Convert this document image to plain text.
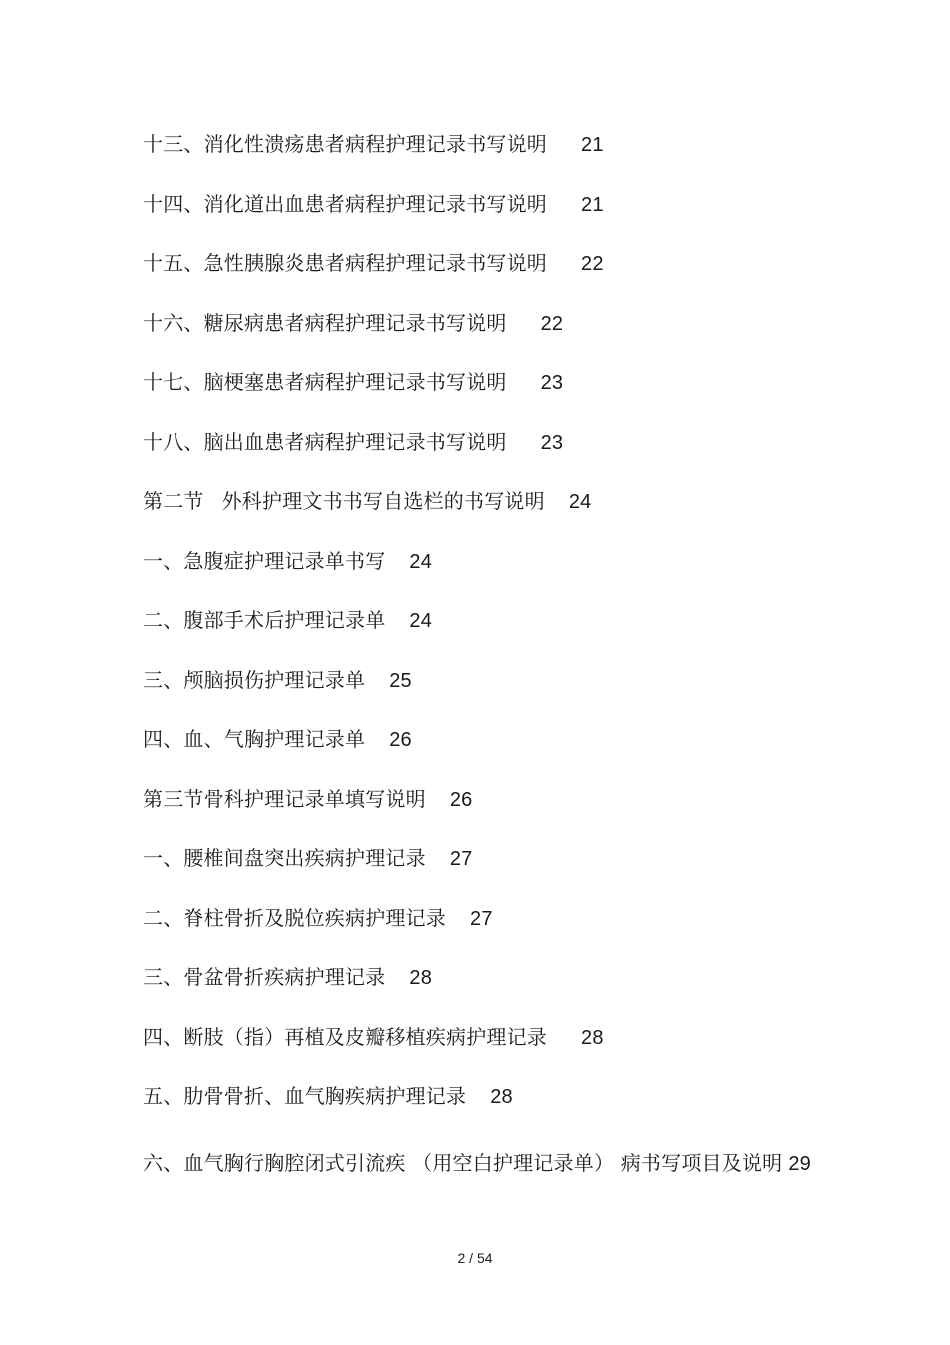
十三、消化性溃疡患者病程护理记录书写说明 21
十四、消化道出血患者病程护理记录书写说明 21
十五、急性胰腺炎患者病程护理记录书写说明 22
十六、糖尿病患者病程护理记录书写说明 22
十七、脑梗塞患者病程护理记录书写说明 23
十八、脑出血患者病程护理记录书写说明 23
第二节 外科护理文书书写自选栏的书写说明 24
一、急腹症护理记录单书写 24
二、腹部手术后护理记录单 24
三、颅脑损伤护理记录单 25
四、血、气胸护理记录单 26
第三节骨科护理记录单填写说明 26
一、腰椎间盘突出疾病护理记录 27
二、脊柱骨折及脱位疾病护理记录 27
三、骨盆骨折疾病护理记录 28
四、断肢（指）再植及皮瓣移植疾病护理记录 28
五、肋骨骨折、血气胸疾病护理记录 28
六、血气胸行胸腔闭式引流疾 （用空白护理记录单） 病书写项目及说明 29
2 / 54
